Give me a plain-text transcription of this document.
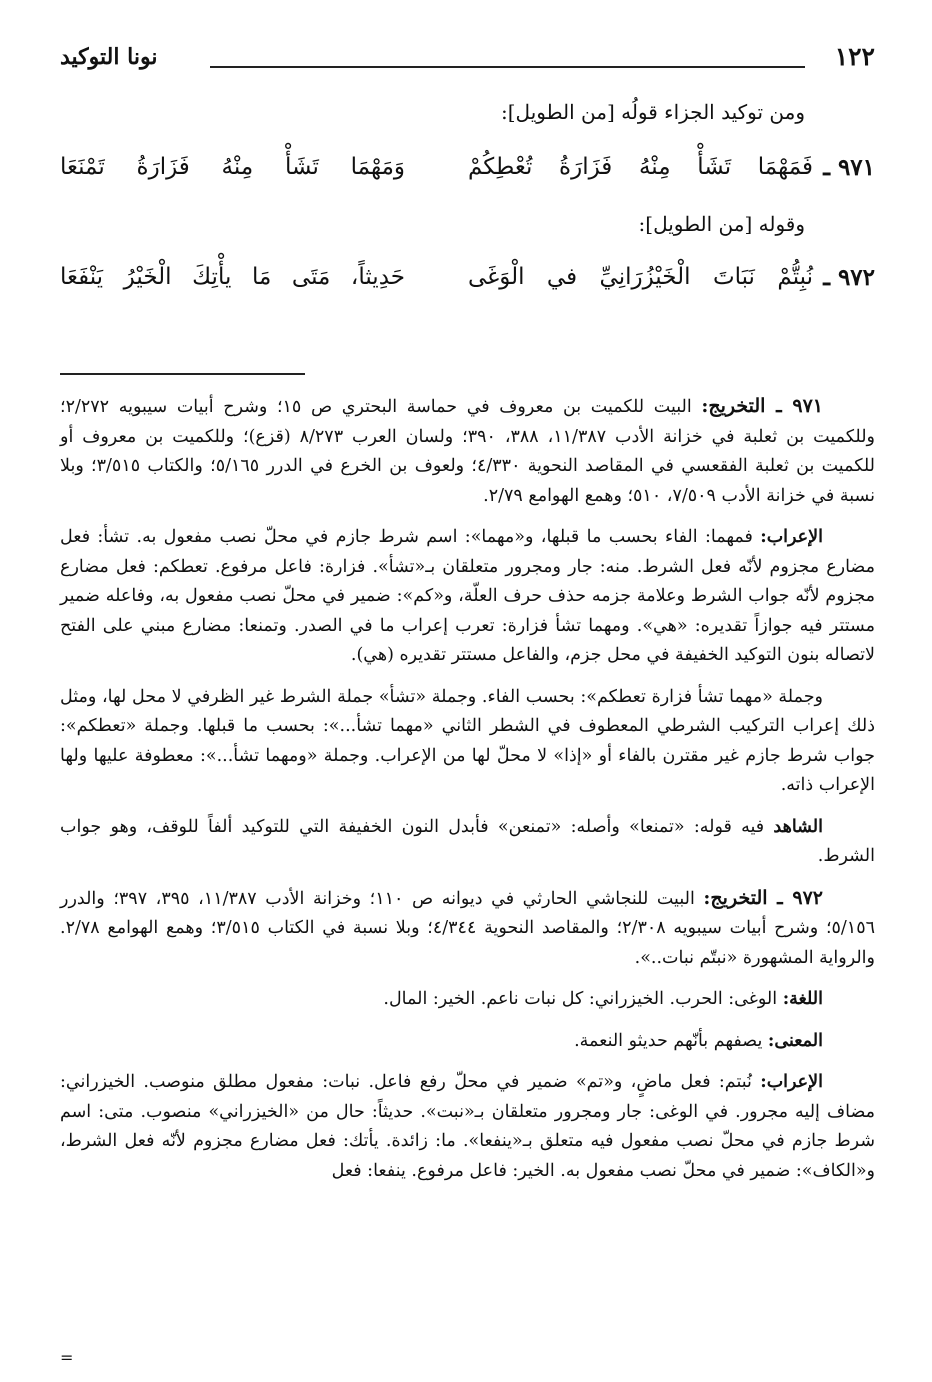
١٢٢
نونا التوكيد
ومن توكيد الجزاء قولُه [من الطويل]:
٩٧١ ـ
فَمَهْمَا تَشَأْ مِنْهُ فَزَارَةُ تُعْطِكُمْ
وَمَهْمَا تَشَأْ مِنْهُ فَزَارَةُ تَمْنَعَا
وقوله [من الطويل]:
٩٧٢ ـ
نُبِتُّمْ نَبَاتَ الْخَيْزُرَانِيِّ في الْوَغَى
حَدِيثاً، مَتَى مَا يأْتِكَ الْخَيْرُ يَنْفَعَا

٩٧١ ـ التخريج: البيت للكميت بن معروف في حماسة البحتري ص ١٥؛ وشرح أبيات سيبويه ٢/٢٧٢؛ وللكميت بن ثعلبة في خزانة الأدب ١١/٣٨٧، ٣٨٨، ٣٩٠؛ ولسان العرب ٨/٢٧٣ (قزع)؛ وللكميت بن معروف أو للكميت بن ثعلبة الفقعسي في المقاصد النحوية ٤/٣٣٠؛ ولعوف بن الخرع في الدرر ٥/١٦٥؛ والكتاب ٣/٥١٥؛ وبلا نسبة في خزانة الأدب ٧/٥٠٩، ٥١٠؛ وهمع الهوامع ٢/٧٩.

الإعراب: فمهما: الفاء بحسب ما قبلها، و«مهما»: اسم شرط جازم في محلّ نصب مفعول به. تشأ: فعل مضارع مجزوم لأنّه فعل الشرط. منه: جار ومجرور متعلقان بـ«تشأ». فزارة: فاعل مرفوع. تعطكم: فعل مضارع مجزوم لأنّه جواب الشرط وعلامة جزمه حذف حرف العلّة، و«كم»: ضمير في محلّ نصب مفعول به، وفاعله ضمير مستتر فيه جوازاً تقديره: «هي». ومهما تشأ فزارة: تعرب إعراب ما في الصدر. وتمنعا: مضارع مبني على الفتح لاتصاله بنون التوكيد الخفيفة في محل جزم، والفاعل مستتر تقديره (هي).

وجملة «مهما تشأ فزارة تعطكم»: بحسب الفاء. وجملة «تشأ» جملة الشرط غير الظرفي لا محل لها، ومثل ذلك إعراب التركيب الشرطي المعطوف في الشطر الثاني «مهما تشأ...»: بحسب ما قبلها. وجملة «تعطكم»: جواب شرط جازم غير مقترن بالفاء أو «إذا» لا محلّ لها من الإعراب. وجملة «ومهما تشأ...»: معطوفة عليها ولها الإعراب ذاته.

الشاهد فيه قوله: «تمنعا» وأصله: «تمنعن» فأبدل النون الخفيفة التي للتوكيد ألفاً للوقف، وهو جواب الشرط.

٩٧٢ ـ التخريج: البيت للنجاشي الحارثي في ديوانه ص ١١٠؛ وخزانة الأدب ١١/٣٨٧، ٣٩٥، ٣٩٧؛ والدرر ٥/١٥٦؛ وشرح أبيات سيبويه ٢/٣٠٨؛ والمقاصد النحوية ٤/٣٤٤؛ وبلا نسبة في الكتاب ٣/٥١٥؛ وهمع الهوامع ٢/٧٨. والرواية المشهورة «نبتّم نبات..».

اللغة: الوغى: الحرب. الخيزراني: كل نبات ناعم. الخير: المال.

المعنى: يصفهم بأنّهم حديثو النعمة.

الإعراب: نُبتم: فعل ماضٍ، و«تم» ضمير في محلّ رفع فاعل. نبات: مفعول مطلق منوصب. الخيزراني: مضاف إليه مجرور. في الوغى: جار ومجرور متعلقان بـ«نبت». حديثاً: حال من «الخيزراني» منصوب. متى: اسم شرط جازم في محلّ نصب مفعول فيه متعلق بـ«ينفعا». ما: زائدة. يأتك: فعل مضارع مجزوم لأنّه فعل الشرط، و«الكاف»: ضمير في محلّ نصب مفعول به. الخير: فاعل مرفوع. ينفعا: فعل

=
